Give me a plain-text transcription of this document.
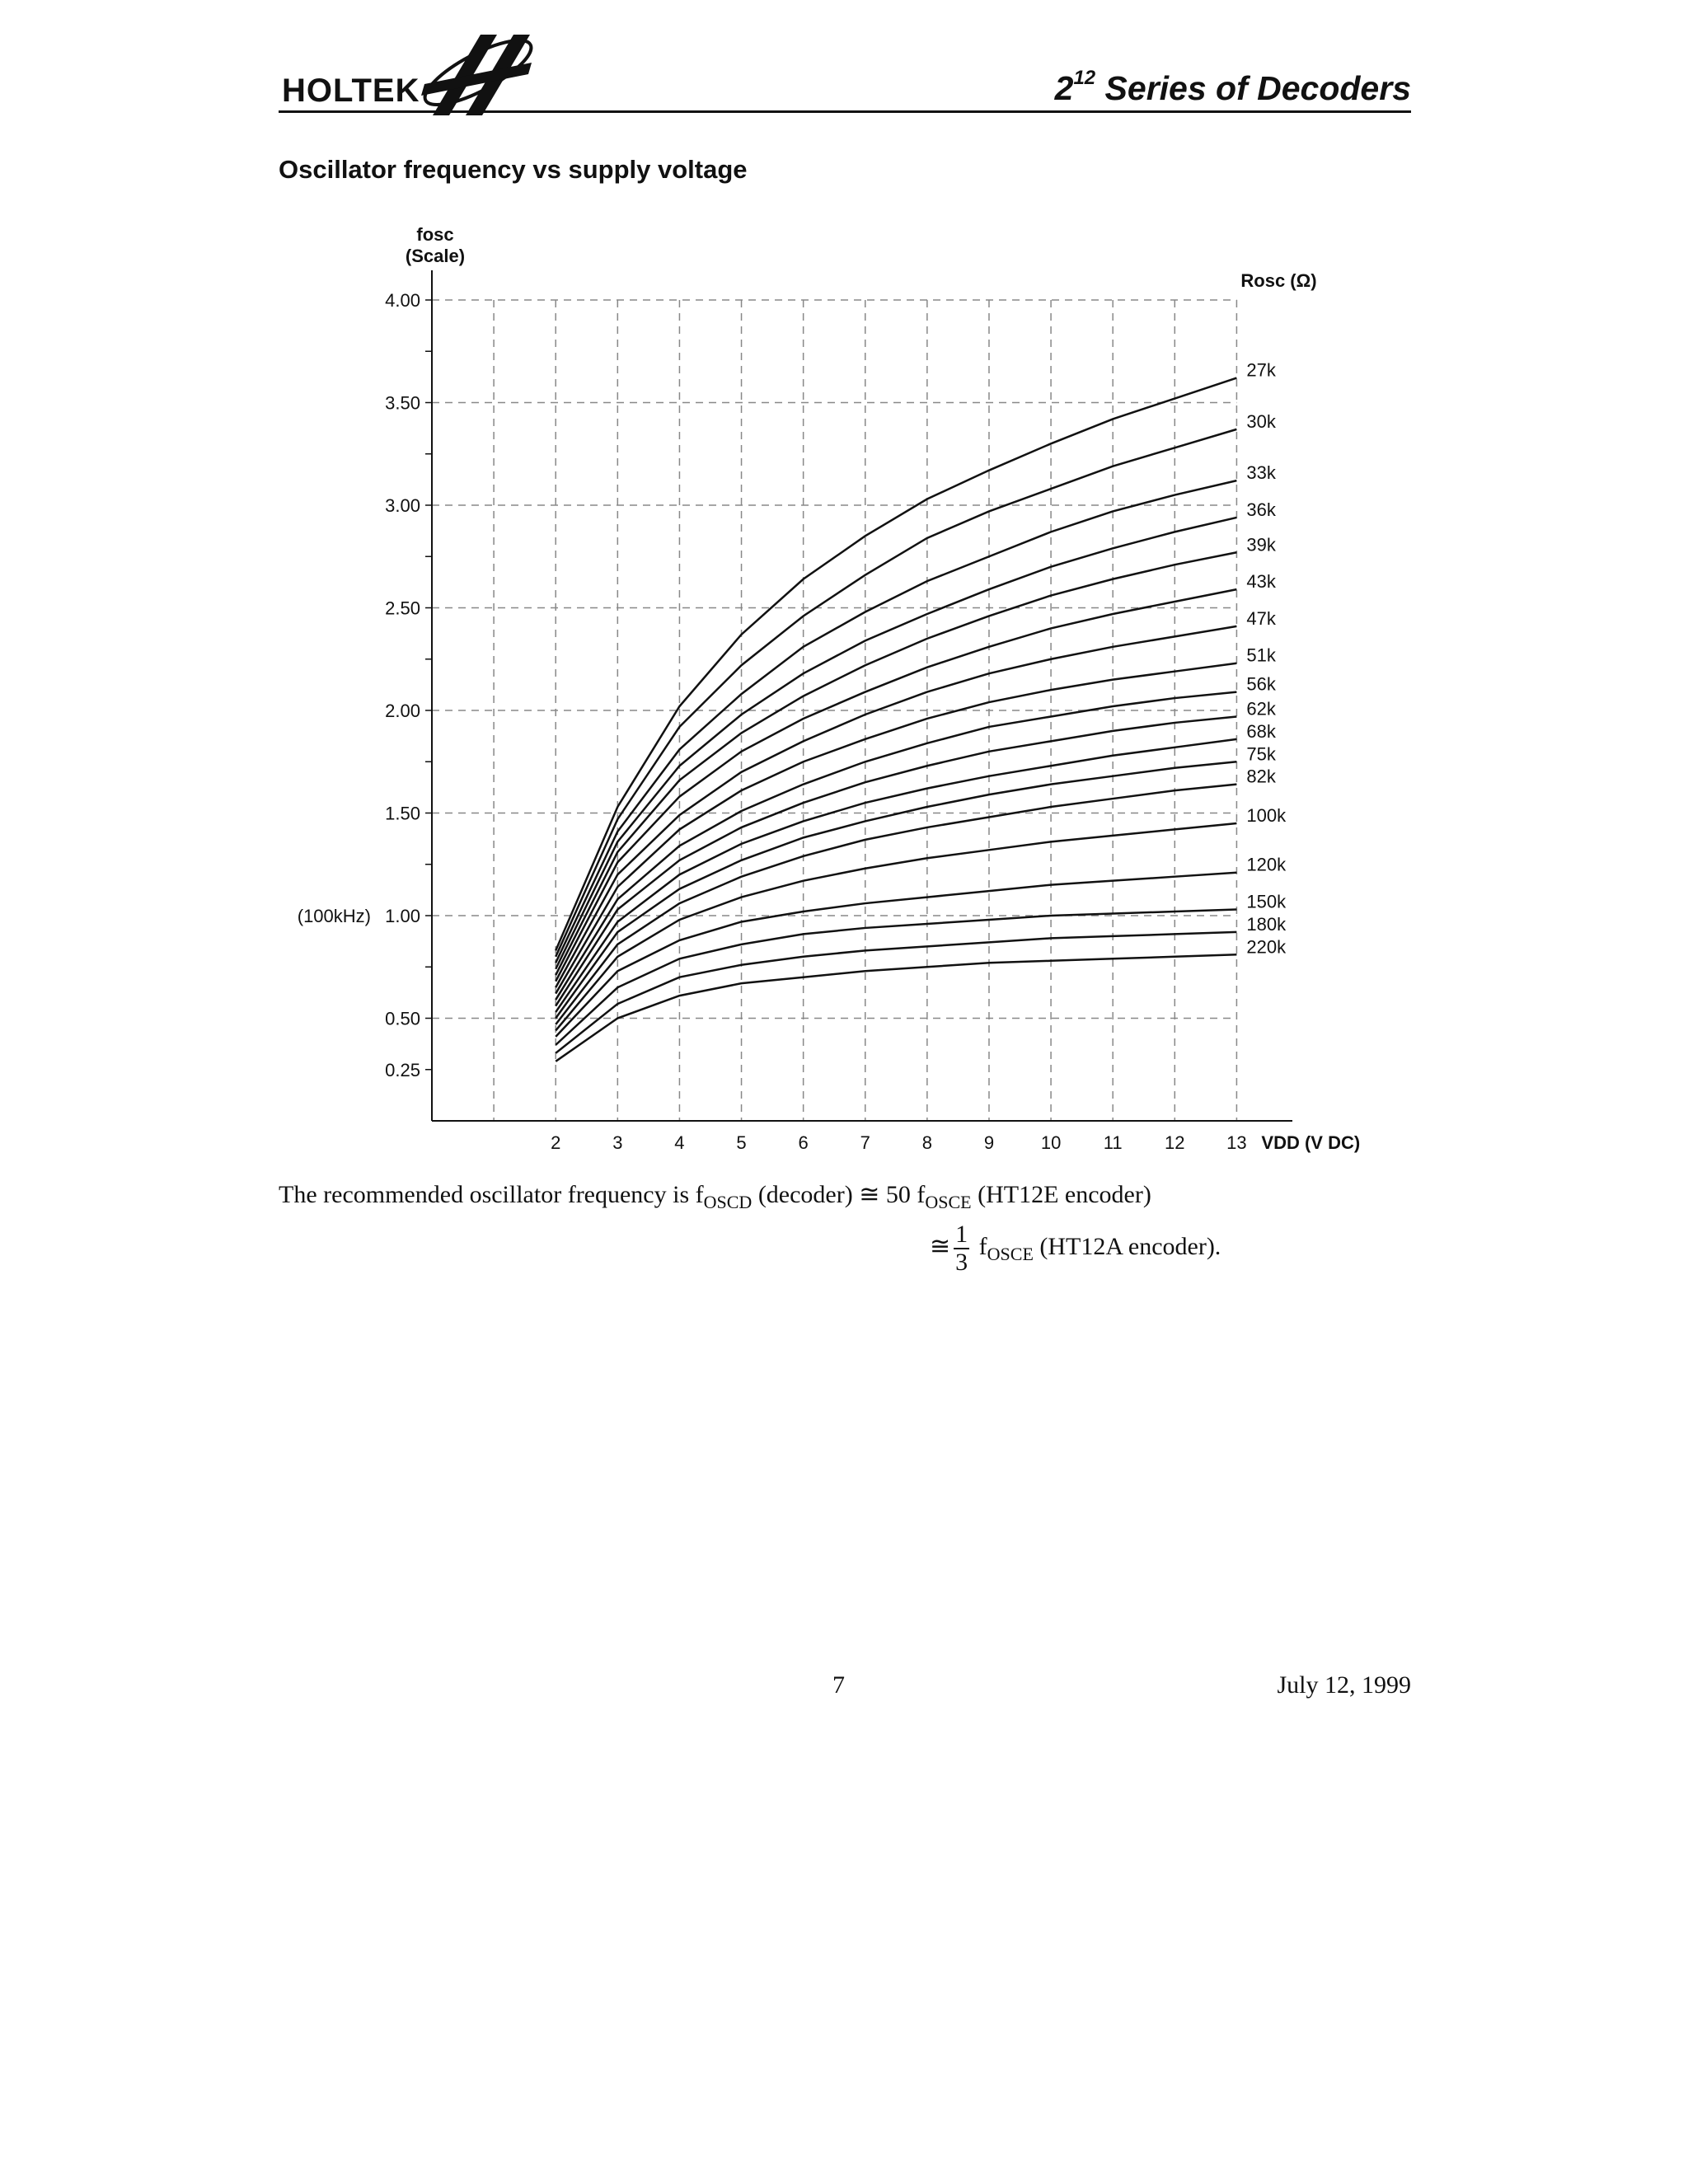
HOLTEK	$2^{12}$ Series of Decoders
Oscillator frequency vs supply voltage
4.00
3.50
3.00
2.50
2.00
1.50
1.00
0.50
0.25
(100kHz)
2	3	4	5	6	7	8	9	10 11 12 13 VDD (V DC)
fosc
(Scale)
Rosc (Ω)
27k
30k
33k
36k
39k
43k
47k
51k
56k
62k
68k
75k
82k
100k
120k
150k
180k
220k
The recommended oscillator frequency is $f_{OSCD}$ (decoder) ≅ 50 $f_{OSCE}$ (HT12E encoder)
≅ $\frac{1}{3} f_{OSCE}$ (HT12A encoder).
7	July 12, 1999
